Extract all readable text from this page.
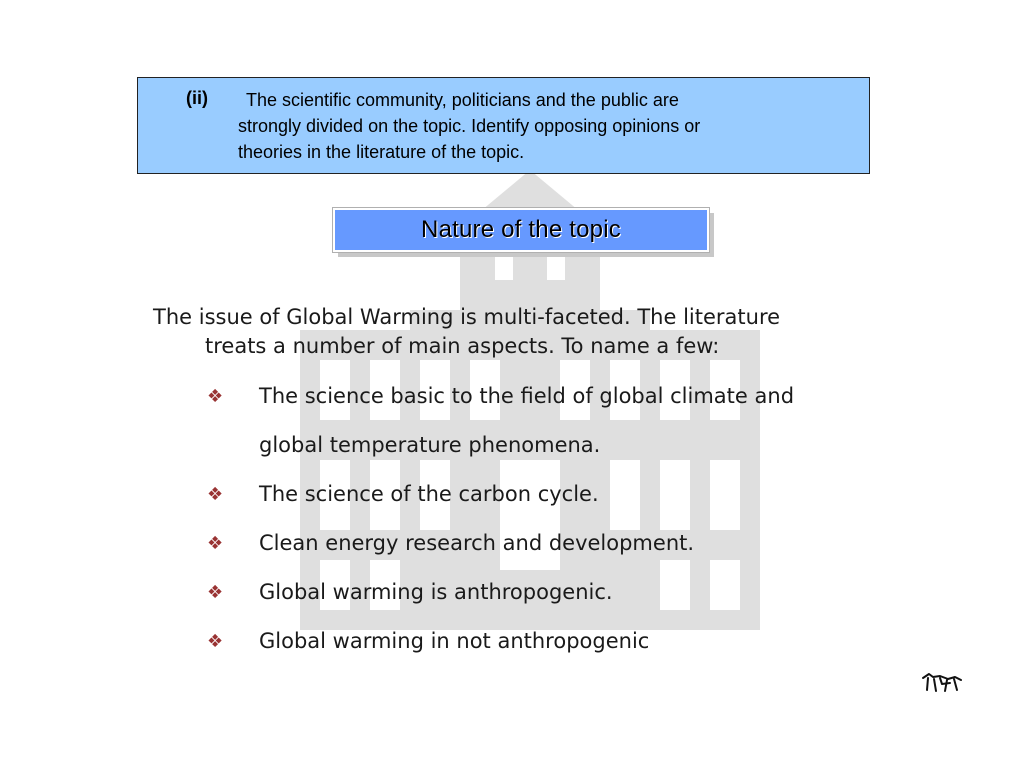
(ii)	The scientific community, politicians and the public are
strongly divided on the topic. Identify opposing opinions or
theories in the literature of the topic.
Nature of the topic
The issue of Global Warming is multi-faceted. The literature
treats a number of main aspects. To name a few:
❖	The science basic to the field of global climate and
global temperature phenomena.
❖	The science of the carbon cycle.
❖	Clean energy research and development.
❖	Global warming is anthropogenic.
❖	Global warming in not anthropogenic
